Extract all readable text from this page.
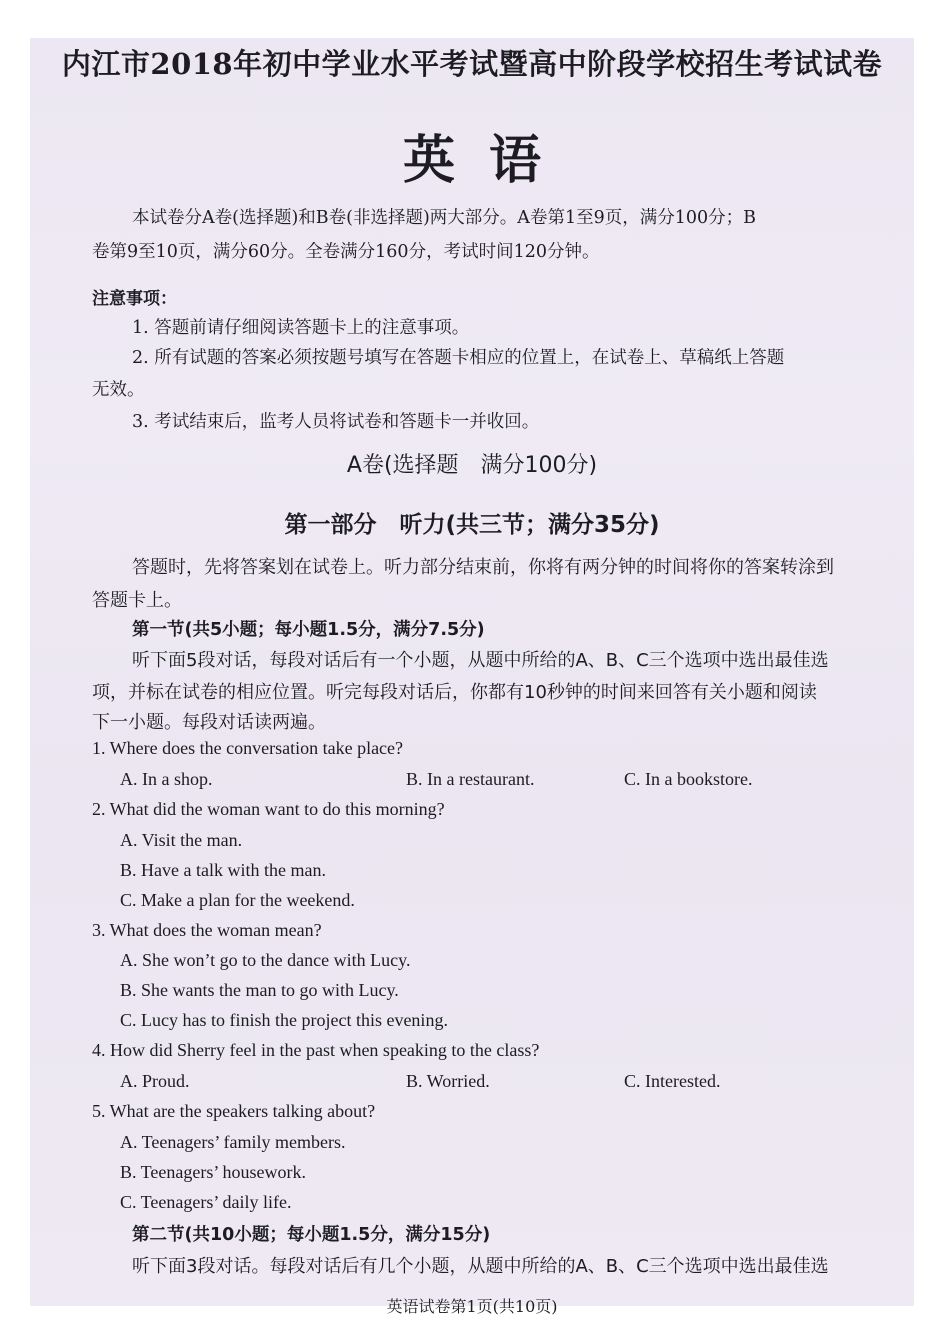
内江市2018年初中学业水平考试暨高中阶段学校招生考试试卷
英语
本试卷分A卷(选择题)和B卷(非选择题)两大部分。A卷第1至9页，满分100分；B
卷第9至10页，满分60分。全卷满分160分，考试时间120分钟。
注意事项：
1. 答题前请仔细阅读答题卡上的注意事项。
2. 所有试题的答案必须按题号填写在答题卡相应的位置上，在试卷上、草稿纸上答题
无效。
3. 考试结束后，监考人员将试卷和答题卡一并收回。
A卷(选择题　满分100分)
第一部分　听力(共三节；满分35分)
答题时，先将答案划在试卷上。听力部分结束前，你将有两分钟的时间将你的答案转涂到
答题卡上。
第一节(共5小题；每小题1.5分，满分7.5分)
听下面5段对话，每段对话后有一个小题，从题中所给的A、B、C三个选项中选出最佳选
项，并标在试卷的相应位置。听完每段对话后，你都有10秒钟的时间来回答有关小题和阅读
下一小题。每段对话读两遍。
1. Where does the conversation take place?
A. In a shop.	B. In a restaurant.	C. In a bookstore.
2. What did the woman want to do this morning?
A. Visit the man.
B. Have a talk with the man.
C. Make a plan for the weekend.
3. What does the woman mean?
A. She won’t go to the dance with Lucy.
B. She wants the man to go with Lucy.
C. Lucy has to finish the project this evening.
4. How did Sherry feel in the past when speaking to the class?
A. Proud.	B. Worried.	C. Interested.
5. What are the speakers talking about?
A. Teenagers’ family members.
B. Teenagers’ housework.
C. Teenagers’ daily life.
第二节(共10小题；每小题1.5分，满分15分)
听下面3段对话。每段对话后有几个小题，从题中所给的A、B、C三个选项中选出最佳选
英语试卷第1页(共10页)
